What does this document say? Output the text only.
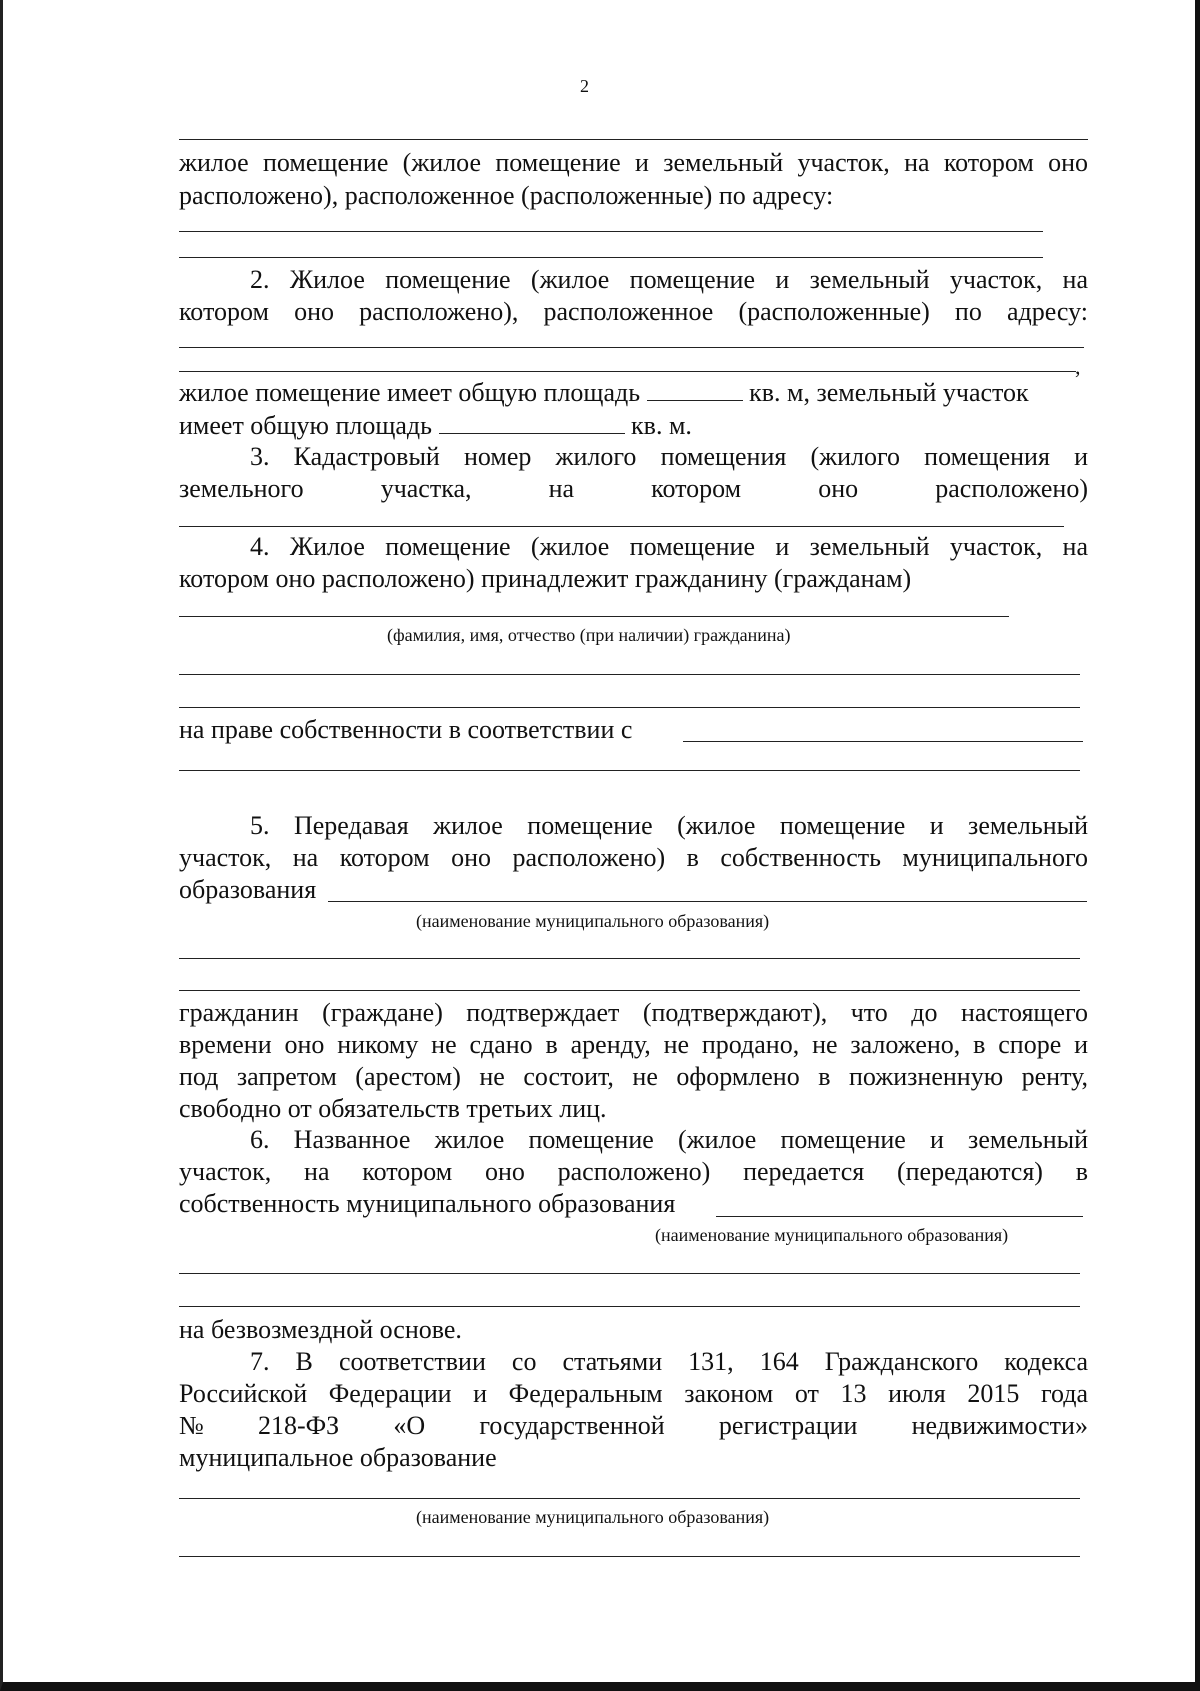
2

жилое помещение (жилое помещение и земельный участок, на котором оно

расположено), расположенное (расположенные) по адресу:

2. Жилое помещение (жилое помещение и земельный участок, на

котором оно расположено), расположенное (расположенные) по адресу:

,

жилое помещение имеет общую площадь	кв. м, земельный участок

имеет общую площадь	кв. м.

3. Кадастровый номер жилого помещения (жилого помещения и

земельного	участка,	на	котором	оно	расположено)

4. Жилое помещение (жилое помещение и земельный участок, на

котором оно расположено) принадлежит гражданину (гражданам)

(фамилия, имя, отчество (при наличии) гражданина)

на праве собственности в соответствии с

5. Передавая жилое помещение (жилое помещение и земельный

участок, на котором оно расположено) в собственность муниципального

образования

(наименование муниципального образования)

гражданин (граждане) подтверждает (подтверждают), что до настоящего

времени оно никому не сдано в аренду, не продано, не заложено, в споре и

под запретом (арестом) не состоит, не оформлено в пожизненную ренту,

свободно от обязательств третьих лиц.

6. Названное жилое помещение (жилое помещение и земельный

участок, на котором оно расположено) передается (передаются) в

собственность муниципального образования

(наименование муниципального образования)

на безвозмездной основе.

7. В соответствии со статьями 131, 164 Гражданского кодекса

Российской Федерации и Федеральным законом от 13 июля 2015 года

№ 218-ФЗ «О государственной регистрации недвижимости»

муниципальное образование

(наименование муниципального образования)
